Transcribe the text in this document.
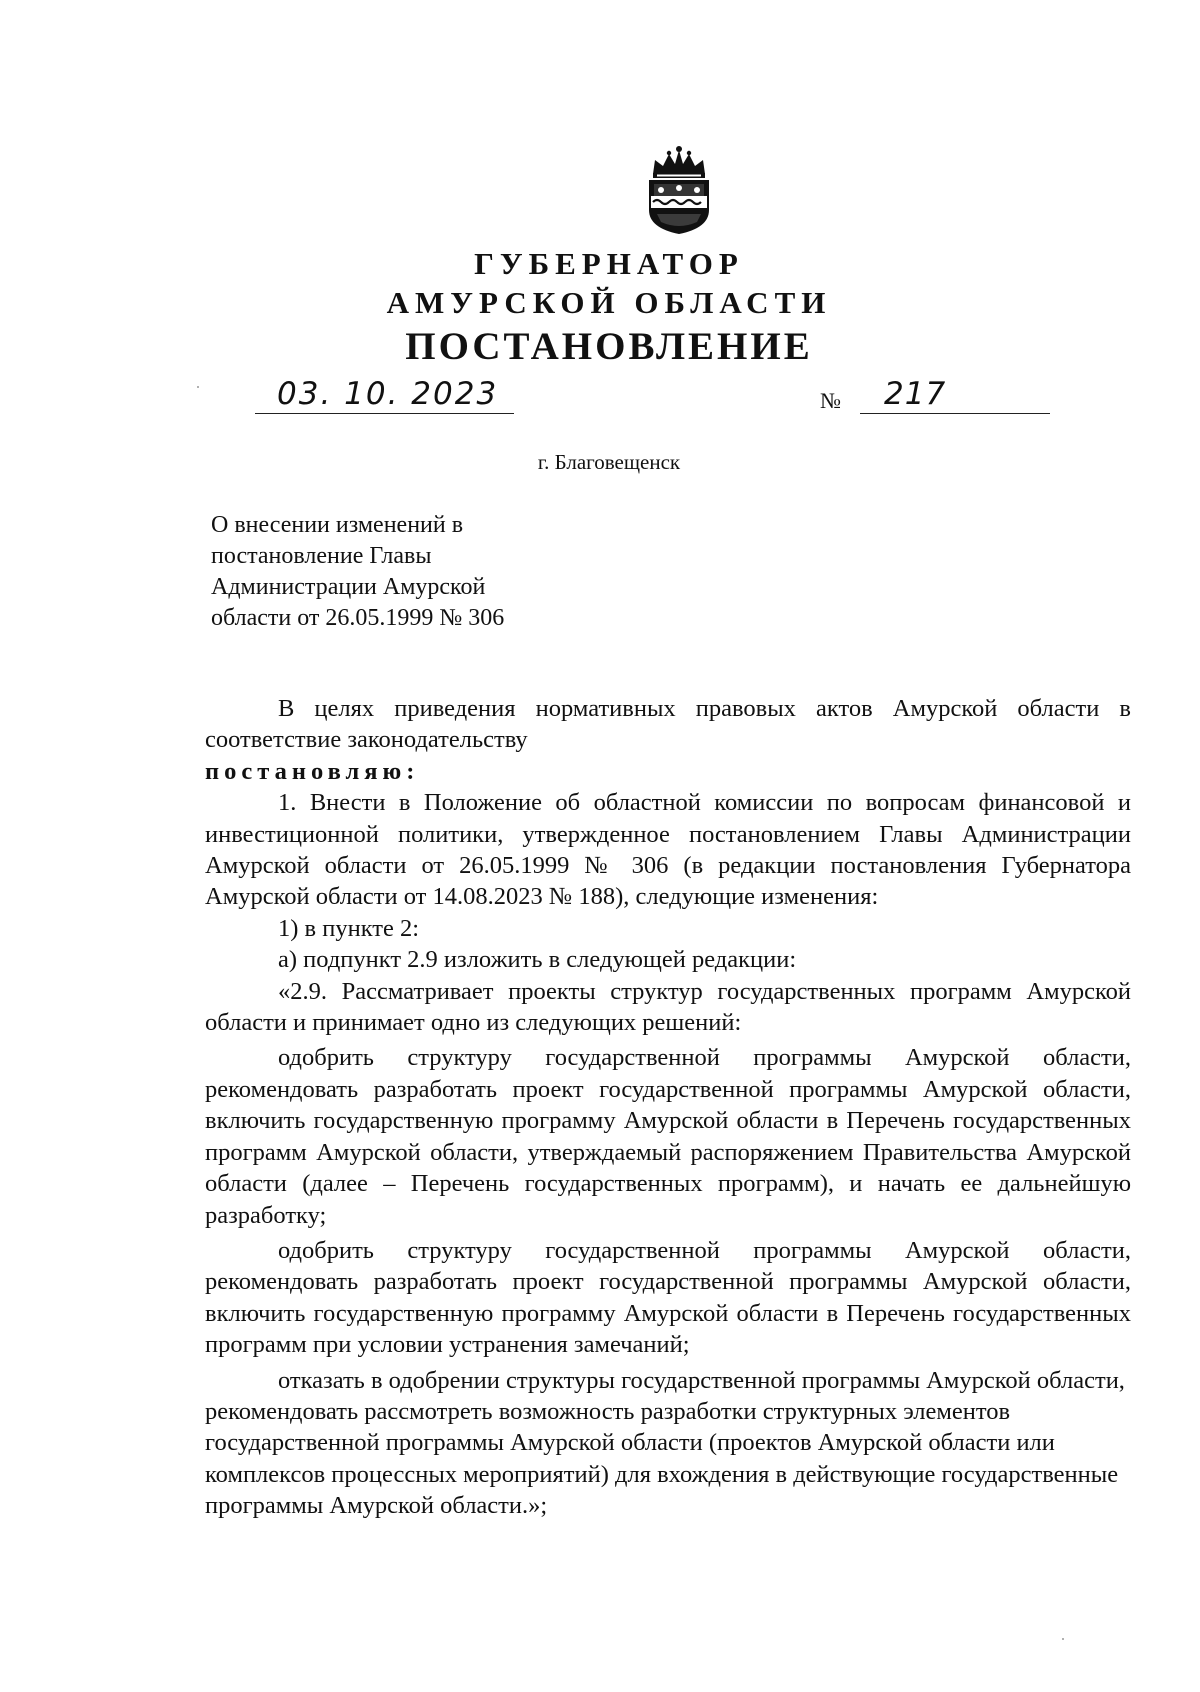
ГУБЕРНАТОР
АМУРСКОЙ ОБЛАСТИ
ПОСТАНОВЛЕНИЕ
03. 10. 2023	№ 217
г. Благовещенск
О внесении изменений в
постановление Главы
Администрации Амурской
области от 26.05.1999 № 306

В целях приведения нормативных правовых актов Амурской области в соответствие законодательству

постановляю:

1. Внести в Положение об областной комиссии по вопросам финансовой и инвестиционной политики, утвержденное постановлением Главы Администрации Амурской области от 26.05.1999 № 306 (в редакции постановления Губернатора Амурской области от 14.08.2023 № 188), следующие изменения:

1) в пункте 2:

а) подпункт 2.9 изложить в следующей редакции:

«2.9. Рассматривает проекты структур государственных программ Амурской области и принимает одно из следующих решений:

одобрить структуру государственной программы Амурской области, рекомендовать разработать проект государственной программы Амурской области, включить государственную программу Амурской области в Перечень государственных программ Амурской области, утверждаемый распоряжением Правительства Амурской области (далее – Перечень государственных программ), и начать ее дальнейшую разработку;

одобрить структуру государственной программы Амурской области, рекомендовать разработать проект государственной программы Амурской области, включить государственную программу Амурской области в Перечень государственных программ при условии устранения замечаний;

отказать в одобрении структуры государственной программы Амурской области, рекомендовать рассмотреть возможность разработки структурных элементов государственной программы Амурской области (проектов Амурской области или комплексов процессных мероприятий) для вхождения в действующие государственные программы Амурской области.»;
